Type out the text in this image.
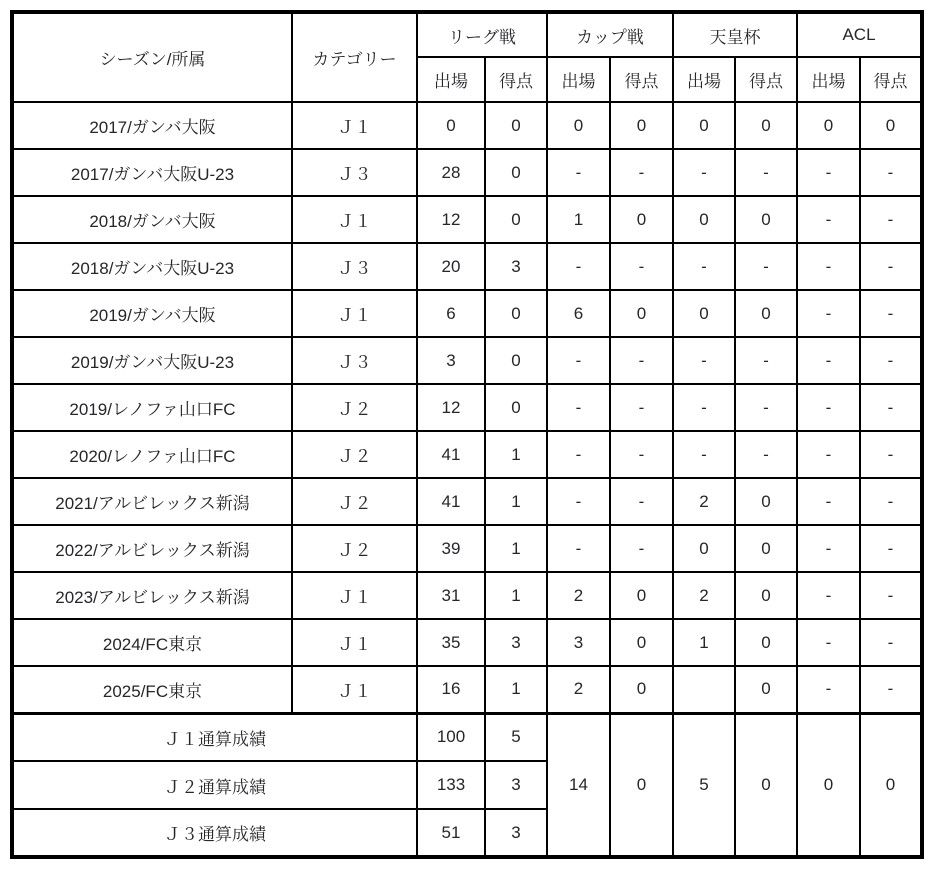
シーズン/所属	カテゴリー	リーグ戦		カップ戦		天皇杯		ACL	
		出場	得点	出場	得点	出場	得点	出場	得点
2017/ガンバ大阪	Ｊ１	0	0	0	0	0	0	0	0
2017/ガンバ大阪U-23	Ｊ３	28	0	-	-	-	-	-	-
2018/ガンバ大阪	Ｊ１	12	0	1	0	0	0	-	-
2018/ガンバ大阪U-23	Ｊ３	20	3	-	-	-	-	-	-
2019/ガンバ大阪	Ｊ１	6	0	6	0	0	0	-	-
2019/ガンバ大阪U-23	Ｊ３	3	0	-	-	-	-	-	-
2019/レノファ山口FC	Ｊ２	12	0	-	-	-	-	-	-
2020/レノファ山口FC	Ｊ２	41	1	-	-	-	-	-	-
2021/アルビレックス新潟	Ｊ２	41	1	-	-	2	0	-	-
2022/アルビレックス新潟	Ｊ２	39	1	-	-	0	0	-	-
2023/アルビレックス新潟	Ｊ１	31	1	2	0	2	0	-	-
2024/FC東京	Ｊ１	35	3	3	0	1	0	-	-
2025/FC東京	Ｊ１	16	1	2	0		0	-	-
Ｊ１通算成績		100	5	14	0	5	0	0	0
Ｊ２通算成績		133	3						
Ｊ３通算成績		51	3						
